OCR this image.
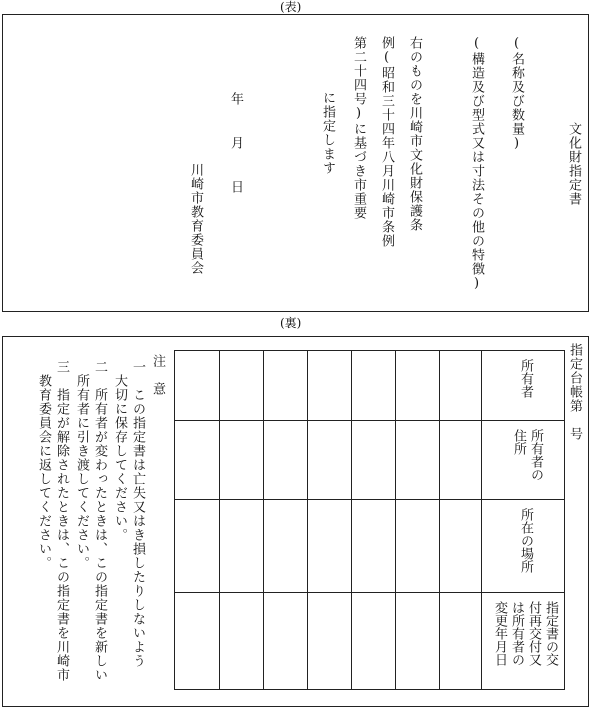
(表)
文化財指定書
(名称及び数量)
(構造及び型式又は寸法その他の特徴)
右のものを川崎市文化財保護条
例(昭和三十四年八月川崎市条例
第二十四号)に基づき市重要
に指定します
年
月
日
川崎市教育委員会
(裏)
指定台帳第　号
所有者
所有者の
住所
所在の場所
指定書の交
付再交付又
は所有者の
変更年月日
注　意
一　この指定書は亡失又はき損したりしないよう
　大切に保存してください。
二　所有者が変わったときは、この指定書を新しい
　所有者に引き渡してください。
三　指定が解除されたときは、この指定書を川崎市
　教育委員会に返してください。
